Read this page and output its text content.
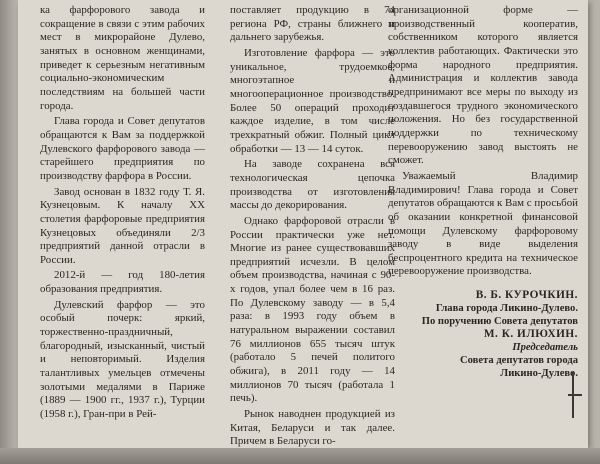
ка фарфорового завода и сокращение в связи с этим рабочих мест в микрорайоне Дулево, занятых в основном женщинами, приведет к серьезным негативным социально-экономическим последствиям на большей части города.

Глава города и Совет депутатов обращаются к Вам за поддержкой Дулевского фарфорового завода — старейшего предприятия по производству фарфора в России.

Завод основан в 1832 году Т. Я. Кузнецовым. К началу XX столетия фарфоровые предприятия Кузнецовых объединяли 2/3 предприятий данной отрасли в России.

2012-й — год 180-летия образования предприятия.

Дулевский фарфор — это особый почерк: яркий, торжественно-праздничный, благородный, изысканный, чистый и неповторимый. Изделия талантливых умельцев отмечены золотыми медалями в Париже (1889 — 1900 гг., 1937 г.), Турции (1958 г.), Гран-при в Рей-

поставляет продукцию в 74 региона РФ, страны ближнего и дальнего зарубежья.

Изготовление фарфора — это уникальное, трудоемкое, многоэтапное и многооперационное производство. Более 50 операций проходит каждое изделие, в том числе трехкратный обжиг. Полный цикл обработки — 13 — 14 суток.

На заводе сохранена вся технологическая цепочка производства от изготовления массы до декорирования.

Однако фарфоровой отрасли в России практически уже нет. Многие из ранее существовавших предприятий исчезли. В целом объем производства, начиная с 90-х годов, упал более чем в 16 раз. По Дулевскому заводу — в 5,4 раза: в 1993 году объем в натуральном выражении составил 76 миллионов 655 тысяч штук (работало 5 печей политого обжига), в 2011 году — 14 миллионов 70 тысяч (работала 1 печь).

Рынок наводнен продукцией из Китая, Беларуси и так далее. Причем в Беларуси го-

организационной форме — производственный кооператив, собственником которого является коллектив работающих. Фактически это форма народного предприятия. Администрация и коллектив завода предпринимают все меры по выходу из создавшегося трудного экономического положения. Но без государственной поддержки по техническому перевооружению завод выстоять не сможет.

Уважаемый Владимир Владимирович! Глава города и Совет депутатов обращаются к Вам с просьбой об оказании конкретной финансовой помощи Дулевскому фарфоровому заводу в виде выделения беспроцентного кредита на техническое перевооружение производства.

В. Б. КУРОЧКИН.
Глава города Ликино-Дулево.
По поручению Совета депутатов
М. К. ИЛЮХИН.
Председатель
Совета депутатов города
Ликино-Дулево.
